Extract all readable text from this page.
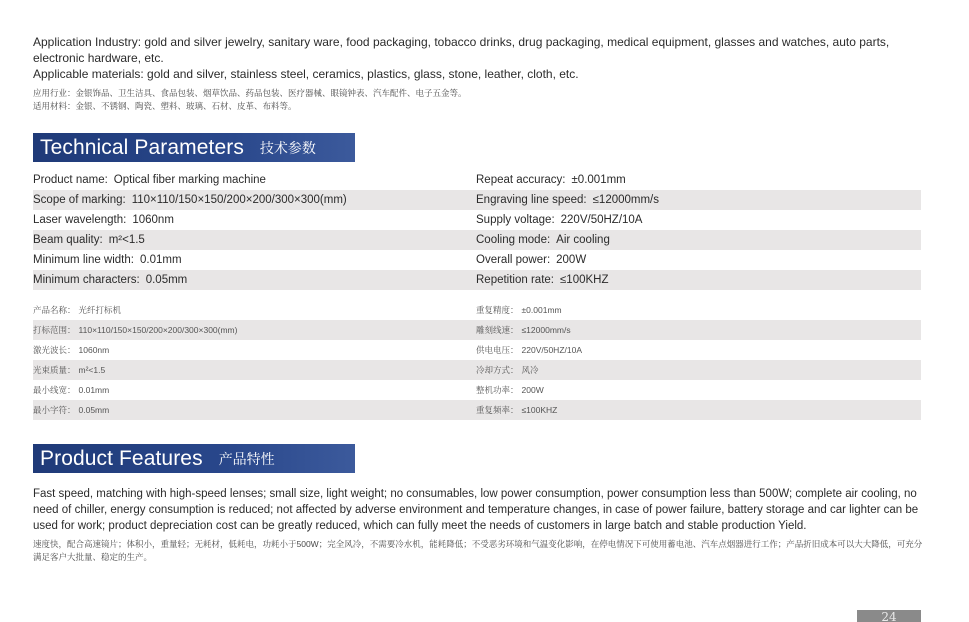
Application Industry: gold and silver jewelry, sanitary ware, food packaging, tobacco drinks, drug packaging, medical equipment, glasses and watches, auto parts, electronic hardware, etc.

Applicable materials: gold and silver, stainless steel, ceramics, plastics, glass, stone, leather, cloth, etc.

应用行业：金银饰品、卫生洁具、食品包装、烟草饮品、药品包装、医疗器械、眼镜钟表、汽车配件、电子五金等。

适用材料：金银、不锈钢、陶瓷、塑料、玻璃、石材、皮革、布料等。

Technical Parameters 技术参数
Product name: Optical fiber marking machine	Repeat accuracy: ±0.001mm
Scope of marking: 110×110/150×150/200×200/300×300(mm)	Engraving line speed: ≤12000mm/s
Laser wavelength: 1060nm	Supply voltage: 220V/50HZ/10A
Beam quality: m²<1.5	Cooling mode: Air cooling
Minimum line width: 0.01mm	Overall power: 200W
Minimum characters: 0.05mm	Repetition rate: ≤100KHZ
产品名称： 光纤打标机	重复精度： ±0.001mm
打标范围： 110×110/150×150/200×200/300×300(mm)	雕刻线速： ≤12000mm/s
激光波长： 1060nm	供电电压： 220V/50HZ/10A
光束质量： m²<1.5	冷却方式： 风冷
最小线宽： 0.01mm	整机功率： 200W
最小字符： 0.05mm	重复频率： ≤100KHZ
Product Features 产品特性

Fast speed, matching with high-speed lenses; small size, light weight; no consumables, low power consumption, power consumption less than 500W; complete air cooling, no need of chiller, energy consumption is reduced; not affected by adverse environment and temperature changes, in case of power failure, battery storage and car lighter can be used for work; product depreciation cost can be greatly reduced, which can fully meet the needs of customers in large batch and stable production Yield.

速度快，配合高速镜片；体积小，重量轻；无耗材，低耗电，功耗小于500W；完全风冷，不需要冷水机，能耗降低；不受恶劣环境和气温变化影响，在停电情况下可使用蓄电池、汽车点烟器进行工作；产品折旧成本可以大大降低，可充分满足客户大批量、稳定的生产。

24
